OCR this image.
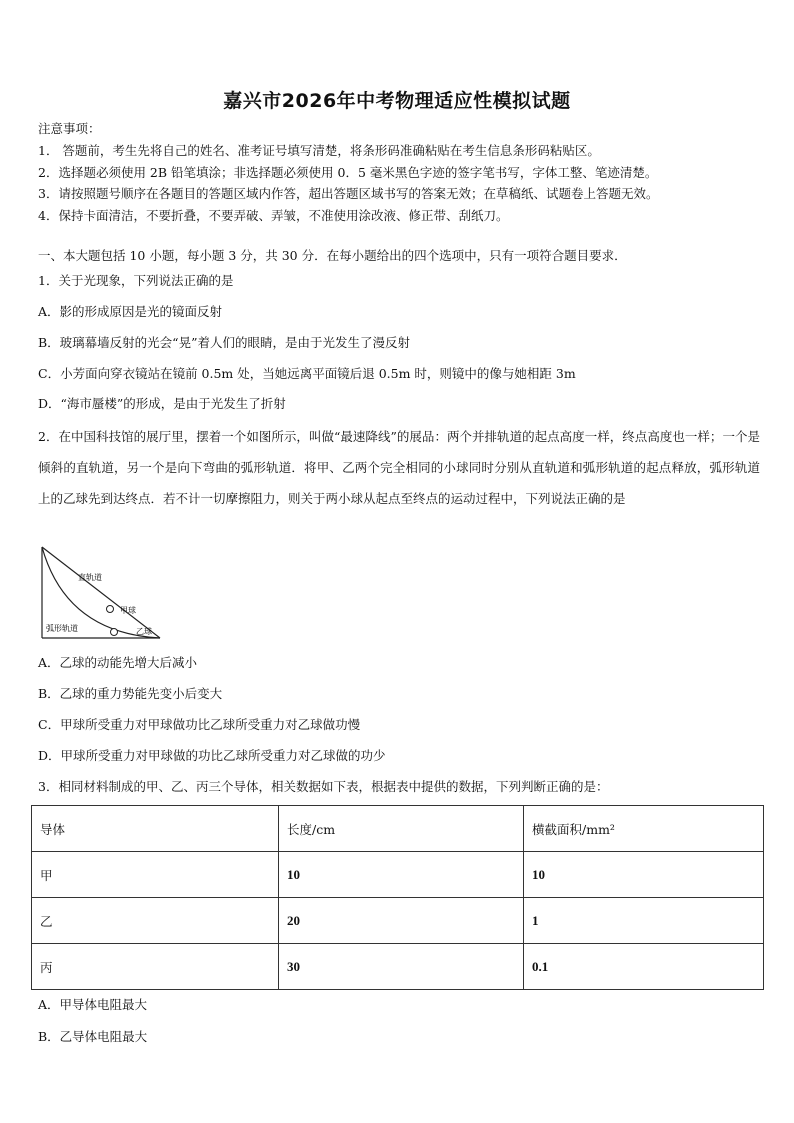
嘉兴市2026年中考物理适应性模拟试题
注意事项：
1． 答题前，考生先将自己的姓名、准考证号填写清楚，将条形码准确粘贴在考生信息条形码粘贴区。
2．选择题必须使用 2B 铅笔填涂；非选择题必须使用 0．5 毫米黑色字迹的签字笔书写，字体工整、笔迹清楚。
3．请按照题号顺序在各题目的答题区域内作答，超出答题区域书写的答案无效；在草稿纸、试题卷上答题无效。
4．保持卡面清洁，不要折叠，不要弄破、弄皱，不准使用涂改液、修正带、刮纸刀。
一、本大题包括 10 小题，每小题 3 分，共 30 分．在每小题给出的四个选项中，只有一项符合题目要求．
1．关于光现象，下列说法正确的是
A．影的形成原因是光的镜面反射
B．玻璃幕墙反射的光会“晃”着人们的眼睛，是由于光发生了漫反射
C．小芳面向穿衣镜站在镜前 0.5m 处，当她远离平面镜后退 0.5m 时，则镜中的像与她相距 3m
D．“海市蜃楼”的形成，是由于光发生了折射
2．在中国科技馆的展厅里，摆着一个如图所示，叫做“最速降线”的展品：两个并排轨道的起点高度一样，终点高度也一样；一个是倾斜的直轨道，另一个是向下弯曲的弧形轨道．将甲、乙两个完全相同的小球同时分别从直轨道和弧形轨道的起点释放，弧形轨道上的乙球先到达终点．若不计一切摩擦阻力，则关于两小球从起点至终点的运动过程中，下列说法正确的是
直轨道
甲球
弧形轨道	乙球
A．乙球的动能先增大后减小
B．乙球的重力势能先变小后变大
C．甲球所受重力对甲球做功比乙球所受重力对乙球做功慢
D．甲球所受重力对甲球做的功比乙球所受重力对乙球做的功少
3．相同材料制成的甲、乙、丙三个导体，相关数据如下表，根据表中提供的数据，下列判断正确的是：
导体	长度/cm	横截面积/mm²
甲	10	10
乙	20	1
丙	30	0.1
A．甲导体电阻最大
B．乙导体电阻最大
